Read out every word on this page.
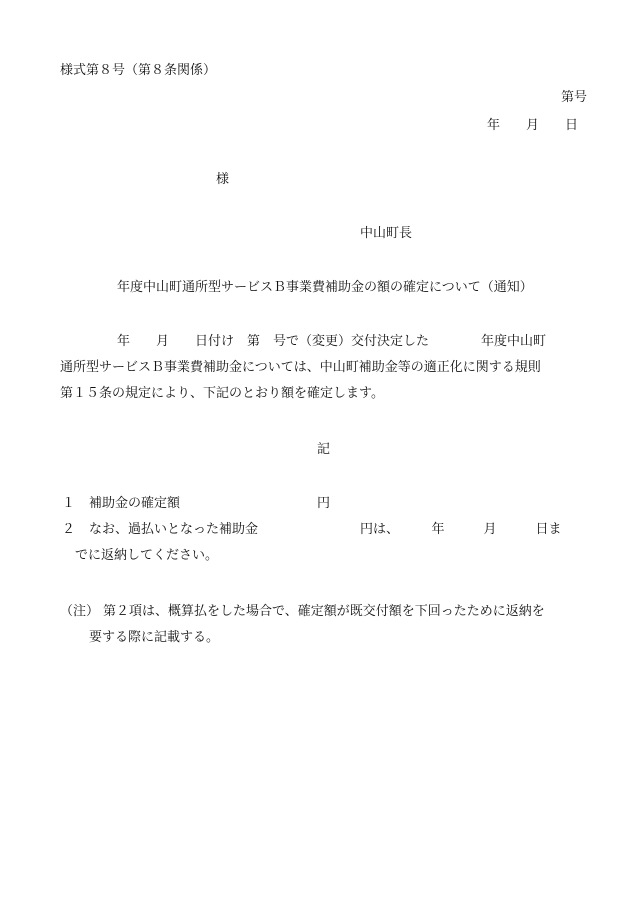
様式第８号（第８条関係）
第号
年　　月　　日
様
中山町長
年度中山町通所型サービスＢ事業費補助金の額の確定について（通知）
年　　月　　日付け　第　号で（変更）交付決定した　　　　年度中山町
通所型サービスＢ事業費補助金については、中山町補助金等の適正化に関する規則
第１５条の規定により、下記のとおり額を確定します。
記
１ 補助金の確定額	円
２ なお、過払いとなった補助金	円は、　　　年　　　月　　　日ま
でに返納してください。
（注） 第２項は、概算払をした場合で、確定額が既交付額を下回ったために返納を
要する際に記載する。
